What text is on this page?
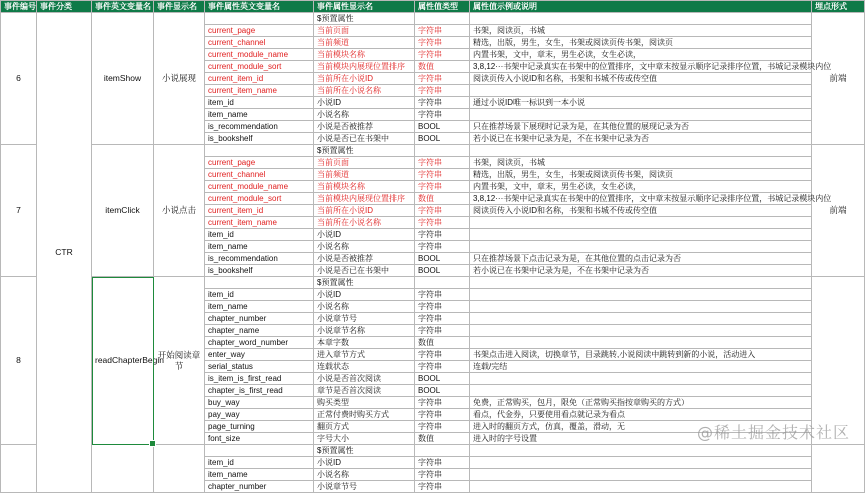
事件编号	事件分类	事件英文变量名	事件显示名	事件属性英文变量名	事件属性显示名	属性值类型	属性值示例或说明	埋点形式
6	CTR	itemShow	小说展现		$预置属性			前端
				current_page	当前页面	字符串	书架，阅读页，书城	
				current_channel	当前频道	字符串	精选，出版，男生，女生，书架或阅读页传书架，阅读页	
				current_module_name	当前模块名称	字符串	内置书架，文中，章末，男生必读，女生必读，	
				current_module_sort	当前模块内展现位置排序	数值	3,8,12···书架中记录真实在书架中的位置排序，文中章末按显示顺序记录排序位置，书城记录模块内位	
				current_item_id	当前所在小说ID	字符串	阅读页传入小说ID和名称，书架和书城不传或传空值	
				current_item_name	当前所在小说名称	字符串		
				item_id	小说ID	字符串	通过小说ID唯一标识到一本小说	
				item_name	小说名称	字符串		
				is_recommendation	小说是否被推荐	BOOL	只在推荐场景下展现时记录为是，在其他位置的展现记录为否	
				is_bookshelf	小说是否已在书架中	BOOL	若小说已在书架中记录为是，不在书架中记录为否	
7		itemClick	小说点击		$预置属性			前端
				current_page	当前页面	字符串	书架，阅读页，书城	
				current_channel	当前频道	字符串	精选，出版，男生，女生，书架或阅读页传书架，阅读页	
				current_module_name	当前模块名称	字符串	内置书架，文中，章末，男生必读，女生必读，	
				current_module_sort	当前模块内展现位置排序	数值	3,8,12···书架中记录真实在书架中的位置排序，文中章末按显示顺序记录排序位置，书城记录模块内位	
				current_item_id	当前所在小说ID	字符串	阅读页传入小说ID和名称，书架和书城不传或传空值	
				current_item_name	当前所在小说名称	字符串		
				item_id	小说ID	字符串		
				item_name	小说名称	字符串		
				is_recommendation	小说是否被推荐	BOOL	只在推荐场景下点击记录为是，在其他位置的点击记录为否	
				is_bookshelf	小说是否已在书架中	BOOL	若小说已在书架中记录为是，不在书架中记录为否	
8		readChapterBegin	开始阅读章节		$预置属性			
				item_id	小说ID	字符串		
				item_name	小说名称	字符串		
				chapter_number	小说章节号	字符串		
				chapter_name	小说章节名称	字符串		
				chapter_word_number	本章字数	数值		
				enter_way	进入章节方式	字符串	书架点击进入阅读，切换章节，目录跳转,小说阅读中跳转到新的小说，活动进入	
				serial_status	连载状态	字符串	连载/完结	
				is_item_is_first_read	小说是否首次阅读	BOOL		
				chapter_is_first_read	章节是否首次阅读	BOOL		
				buy_way	购买类型	字符串	免费，正常购买，包月，限免（正常购买指按章购买的方式）	
				pay_way	正常付费时购买方式	字符串	看点，代金券，只要使用看点就记录为看点	
				page_turning	翻页方式	字符串	进入时的翻页方式，仿真，覆盖，滑动，无	
				font_size	字号大小	数值	进入时的字号设置	
					$预置属性			
				item_id	小说ID	字符串		
				item_name	小说名称	字符串		
				chapter_number	小说章节号	字符串		
@稀土掘金技术社区
